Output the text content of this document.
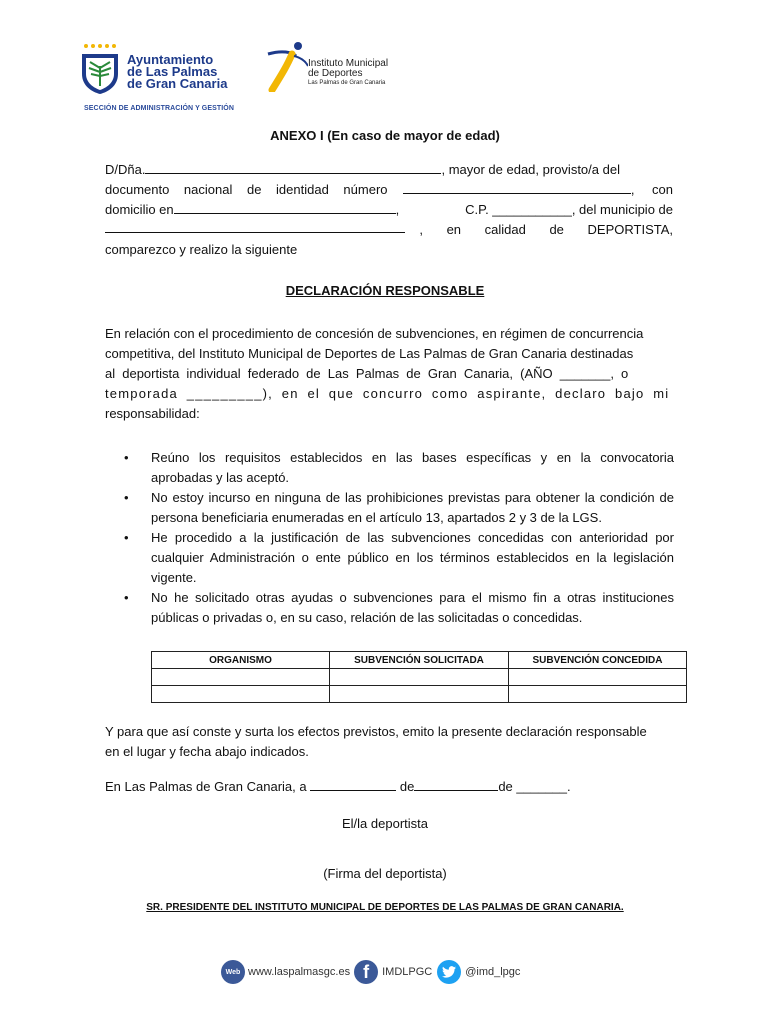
Ayuntamiento
de Las Palmas
de Gran Canaria
Instituto Municipal
de Deportes
Las Palmas de Gran Canaria
SECCIÓN DE ADMINISTRACIÓN Y GESTIÓN
ANEXO I (En caso de mayor de edad)
D/Dña.	, mayor de edad, provisto/a del
documento nacional de identidad número	, con
domicilio en	,	C.P. ___________, del municipio de
, en calidad de DEPORTISTA,
comparezco y realizo la siguiente
DECLARACIÓN RESPONSABLE
En relación con el procedimiento de concesión de subvenciones, en régimen de concurrencia
competitiva, del Instituto Municipal de Deportes de Las Palmas de Gran Canaria destinadas
al deportista individual federado de Las Palmas de Gran Canaria, (AÑO _______, o
temporada _________), en el que concurro como aspirante, declaro bajo mi
responsabilidad:
• Reúno los requisitos establecidos en las bases específicas y en la convocatoria aprobadas y las aceptó.
• No estoy incurso en ninguna de las prohibiciones previstas para obtener la condición de persona beneficiaria enumeradas en el artículo 13, apartados 2 y 3 de la LGS.
• He procedido a la justificación de las subvenciones concedidas con anterioridad por cualquier Administración o ente público en los términos establecidos en la legislación vigente.
• No he solicitado otras ayudas o subvenciones para el mismo fin a otras instituciones públicas o privadas o, en su caso, relación de las solicitadas o concedidas.
ORGANISMO	SUBVENCIÓN SOLICITADA	SUBVENCIÓN CONCEDIDA

Y para que así conste y surta los efectos previstos, emito la presente declaración responsable
en el lugar y fecha abajo indicados.
En Las Palmas de Gran Canaria, a	de	de _______.
El/la deportista
(Firma del deportista)
SR. PRESIDENTE DEL INSTITUTO MUNICIPAL DE DEPORTES DE LAS PALMAS DE GRAN CANARIA.
Web www.laspalmasgc.es f	IMDLPGC	@imd_lpgc
